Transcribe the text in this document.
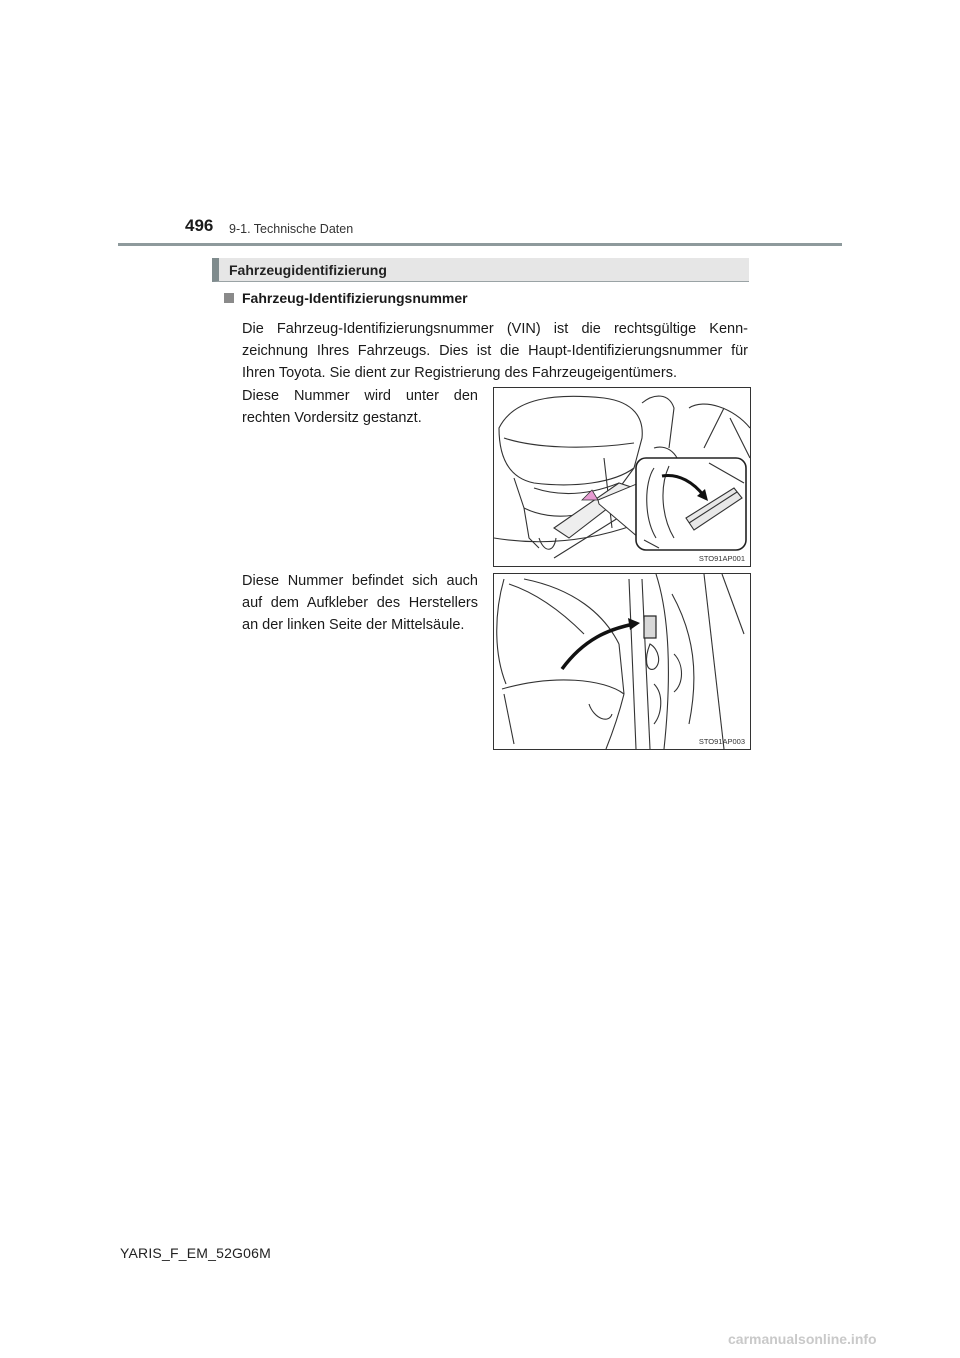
496 9-1. Technische Daten
Fahrzeugidentifizierung
Fahrzeug-Identifizierungsnummer
Die Fahrzeug-Identifizierungsnummer (VIN) ist die rechtsgültige Kenn-zeichnung Ihres Fahrzeugs. Dies ist die Haupt-Identifizierungsnummer für Ihren Toyota. Sie dient zur Registrierung des Fahrzeugeigentümers.
Diese Nummer wird unter den rechten Vordersitz gestanzt.
Diese Nummer befindet sich auch auf dem Aufkleber des Herstellers an der linken Seite der Mittelsäule.
STO91AP001
STO91AP003
YARIS_F_EM_52G06M
carmanualsonline.info
